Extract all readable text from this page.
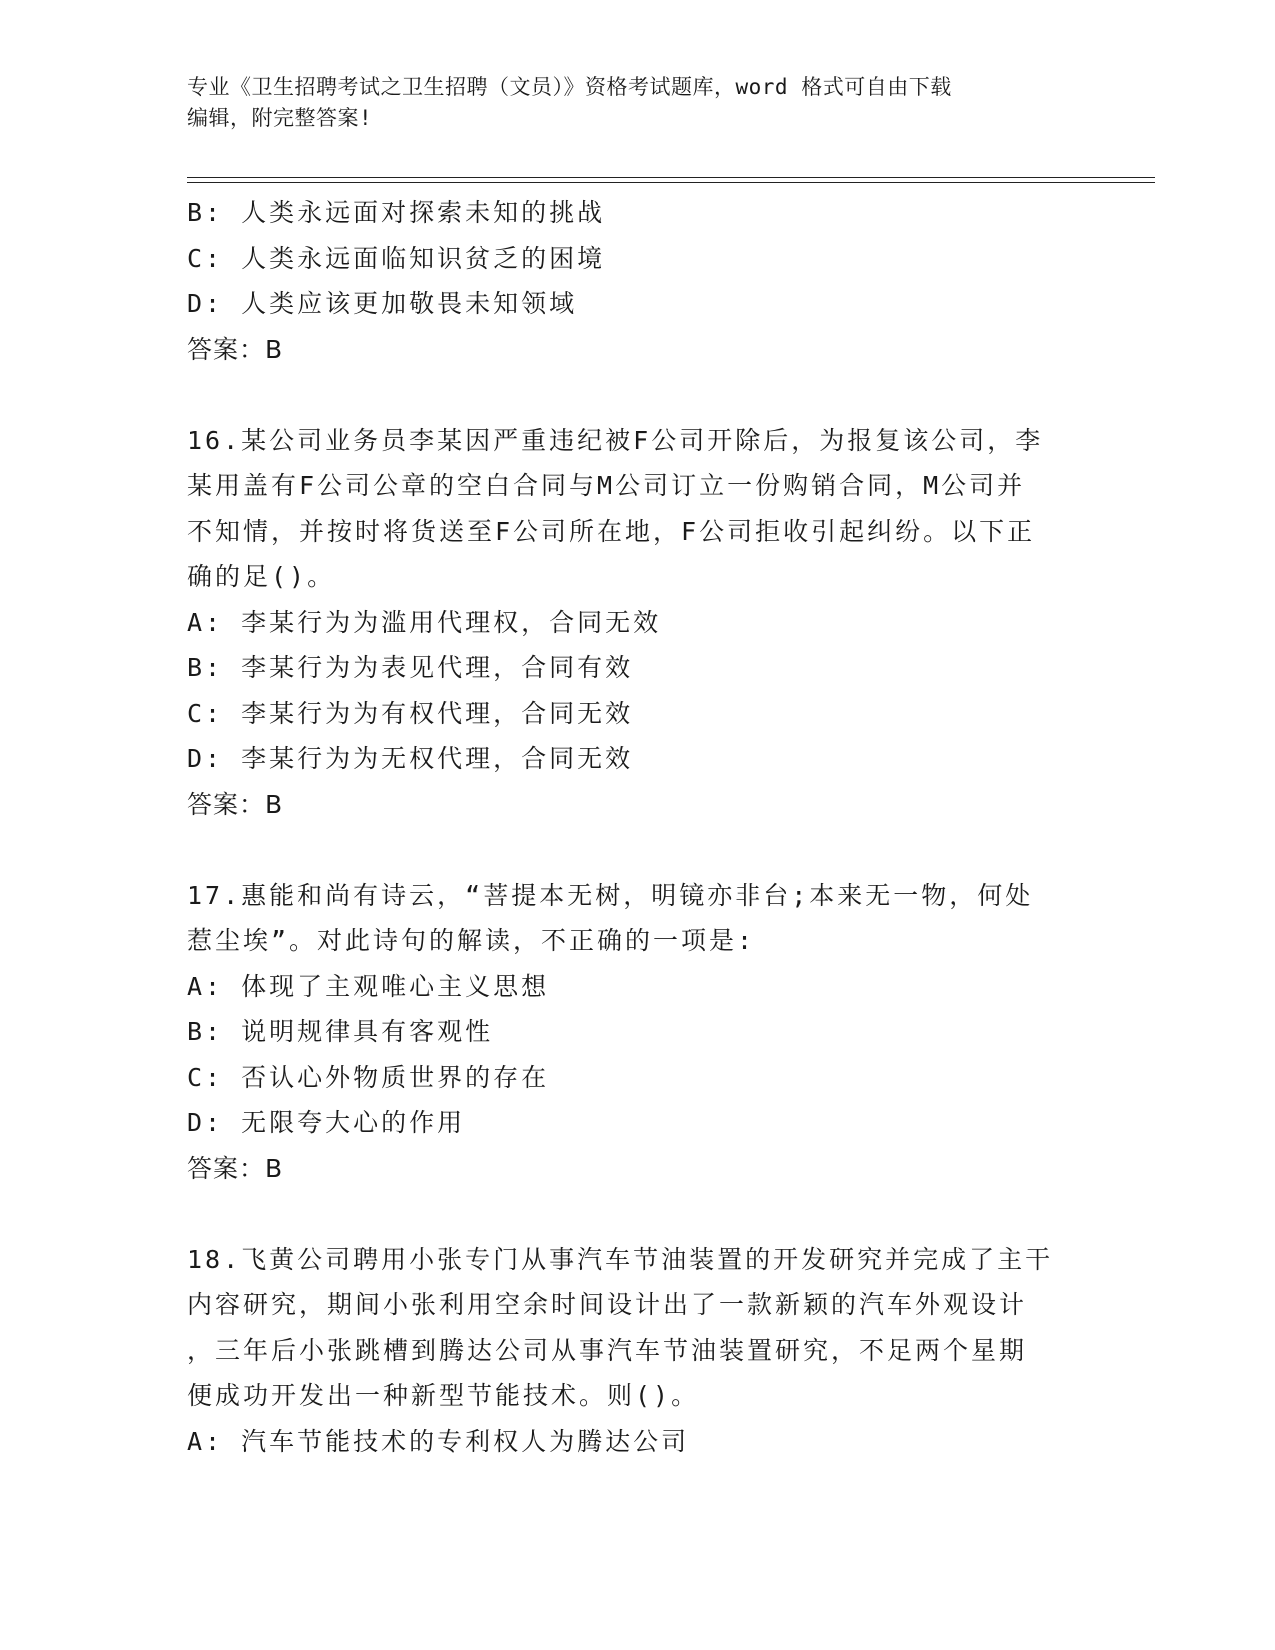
专业《卫生招聘考试之卫生招聘（文员）》资格考试题库，word 格式可自由下载
编辑，附完整答案!
B: 人类永远面对探索未知的挑战
C: 人类永远面临知识贫乏的困境
D: 人类应该更加敬畏未知领域
答案：B
16.某公司业务员李某因严重违纪被F公司开除后，为报复该公司，李
某用盖有F公司公章的空白合同与M公司订立一份购销合同，M公司并
不知情，并按时将货送至F公司所在地，F公司拒收引起纠纷。以下正
确的足()。
A: 李某行为为滥用代理权，合同无效
B: 李某行为为表见代理，合同有效
C: 李某行为为有权代理，合同无效
D: 李某行为为无权代理，合同无效
答案：B
17.惠能和尚有诗云，“菩提本无树，明镜亦非台;本来无一物，何处
惹尘埃”。对此诗句的解读，不正确的一项是:
A: 体现了主观唯心主义思想
B: 说明规律具有客观性
C: 否认心外物质世界的存在
D: 无限夸大心的作用
答案：B
18.飞黄公司聘用小张专门从事汽车节油装置的开发研究并完成了主干
内容研究，期间小张利用空余时间设计出了一款新颖的汽车外观设计
，三年后小张跳槽到腾达公司从事汽车节油装置研究，不足两个星期
便成功开发出一种新型节能技术。则()。
A: 汽车节能技术的专利权人为腾达公司
